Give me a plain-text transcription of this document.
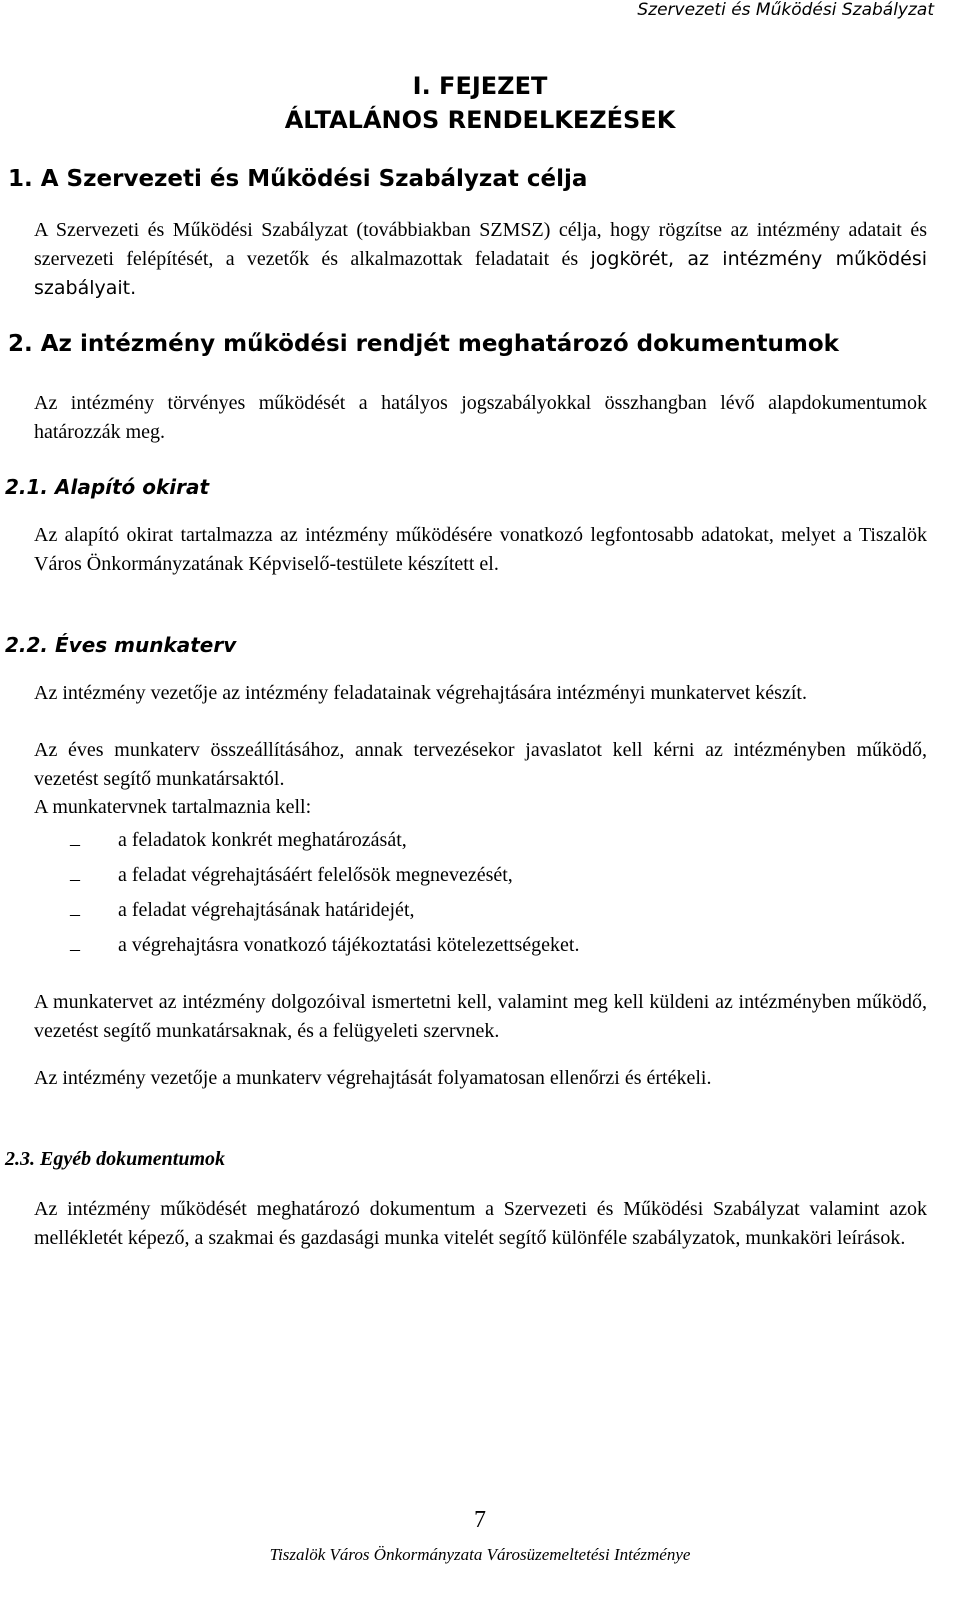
Szervezeti és Működési Szabályzat
I. FEJEZET
ÁLTALÁNOS RENDELKEZÉSEK
1. A Szervezeti és Működési Szabályzat célja
A Szervezeti és Működési Szabályzat (továbbiakban SZMSZ) célja, hogy rögzítse az intézmény adatait és szervezeti felépítését, a vezetők és alkalmazottak feladatait és jogkörét, az intézmény működési szabályait.
2. Az intézmény működési rendjét meghatározó dokumentumok

Az intézmény törvényes működését a hatályos jogszabályokkal összhangban lévő alapdokumentumok határozzák meg.

2.1. Alapító okirat

Az alapító okirat tartalmazza az intézmény működésére vonatkozó legfontosabb adatokat, melyet a Tiszalök Város Önkormányzatának Képviselő-testülete készített el.

2.2. Éves munkaterv

Az intézmény vezetője az intézmény feladatainak végrehajtására intézményi munkatervet készít.

Az éves munkaterv összeállításához, annak tervezésekor javaslatot kell kérni az intézményben működő, vezetést segítő munkatársaktól.

A munkatervnek tartalmaznia kell:

– a feladatok konkrét meghatározását,
– a feladat végrehajtásáért felelősök megnevezését,
– a feladat végrehajtásának határidejét,
– a végrehajtásra vonatkozó tájékoztatási kötelezettségeket.

A munkatervet az intézmény dolgozóival ismertetni kell, valamint meg kell küldeni az intézményben működő, vezetést segítő munkatársaknak, és a felügyeleti szervnek.

Az intézmény vezetője a munkaterv végrehajtását folyamatosan ellenőrzi és értékeli.

2.3. Egyéb dokumentumok

Az intézmény működését meghatározó dokumentum a Szervezeti és Működési Szabályzat valamint azok mellékletét képező, a szakmai és gazdasági munka vitelét segítő különféle szabályzatok, munkaköri leírások.

7
Tiszalök Város Önkormányzata Városüzemeltetési Intézménye
